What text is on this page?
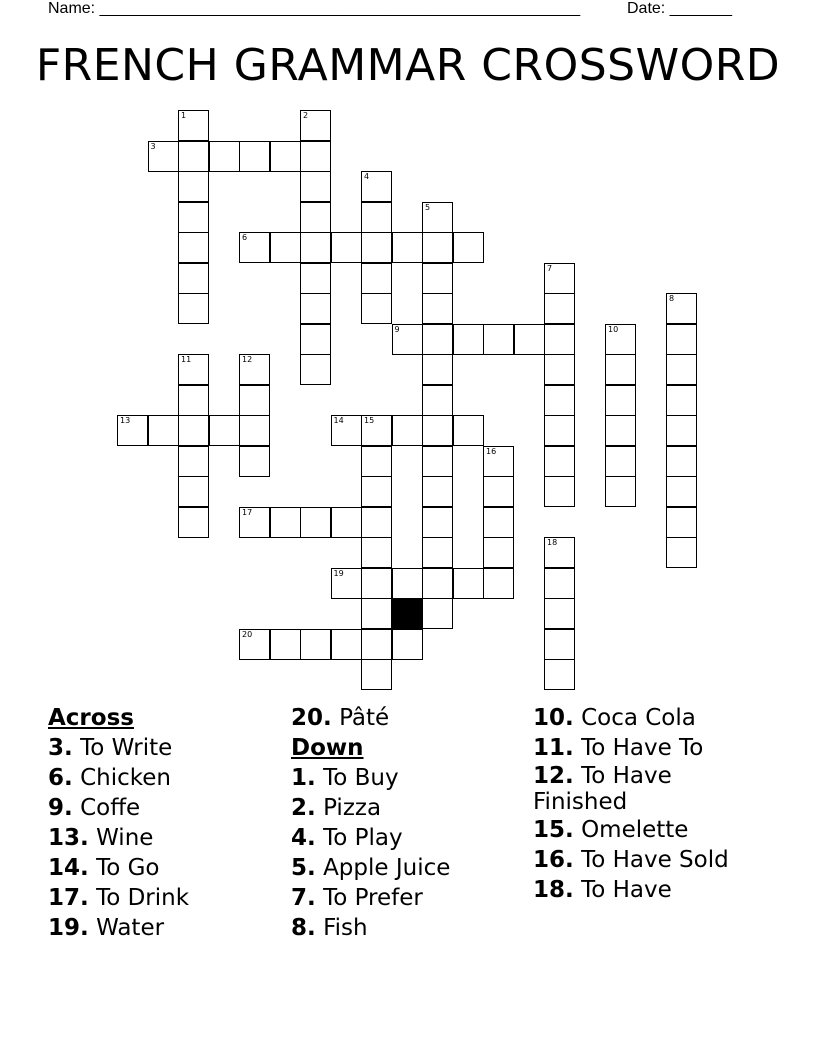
Name: ______________________________________________________	Date: _______
FRENCH GRAMMAR CROSSWORD
1	2
3
4
5
6
7
8
9	10
11	12
13	14	15
16
17
18
19
20
Across
3. To Write
6. Chicken
9. Coffe
13. Wine
14. To Go
17. To Drink
19. Water
20. Pâté
Down
1. To Buy
2. Pizza
4. To Play
5. Apple Juice
7. To Prefer
8. Fish
10. Coca Cola
11. To Have To
12. To Have Finished
15. Omelette
16. To Have Sold
18. To Have
